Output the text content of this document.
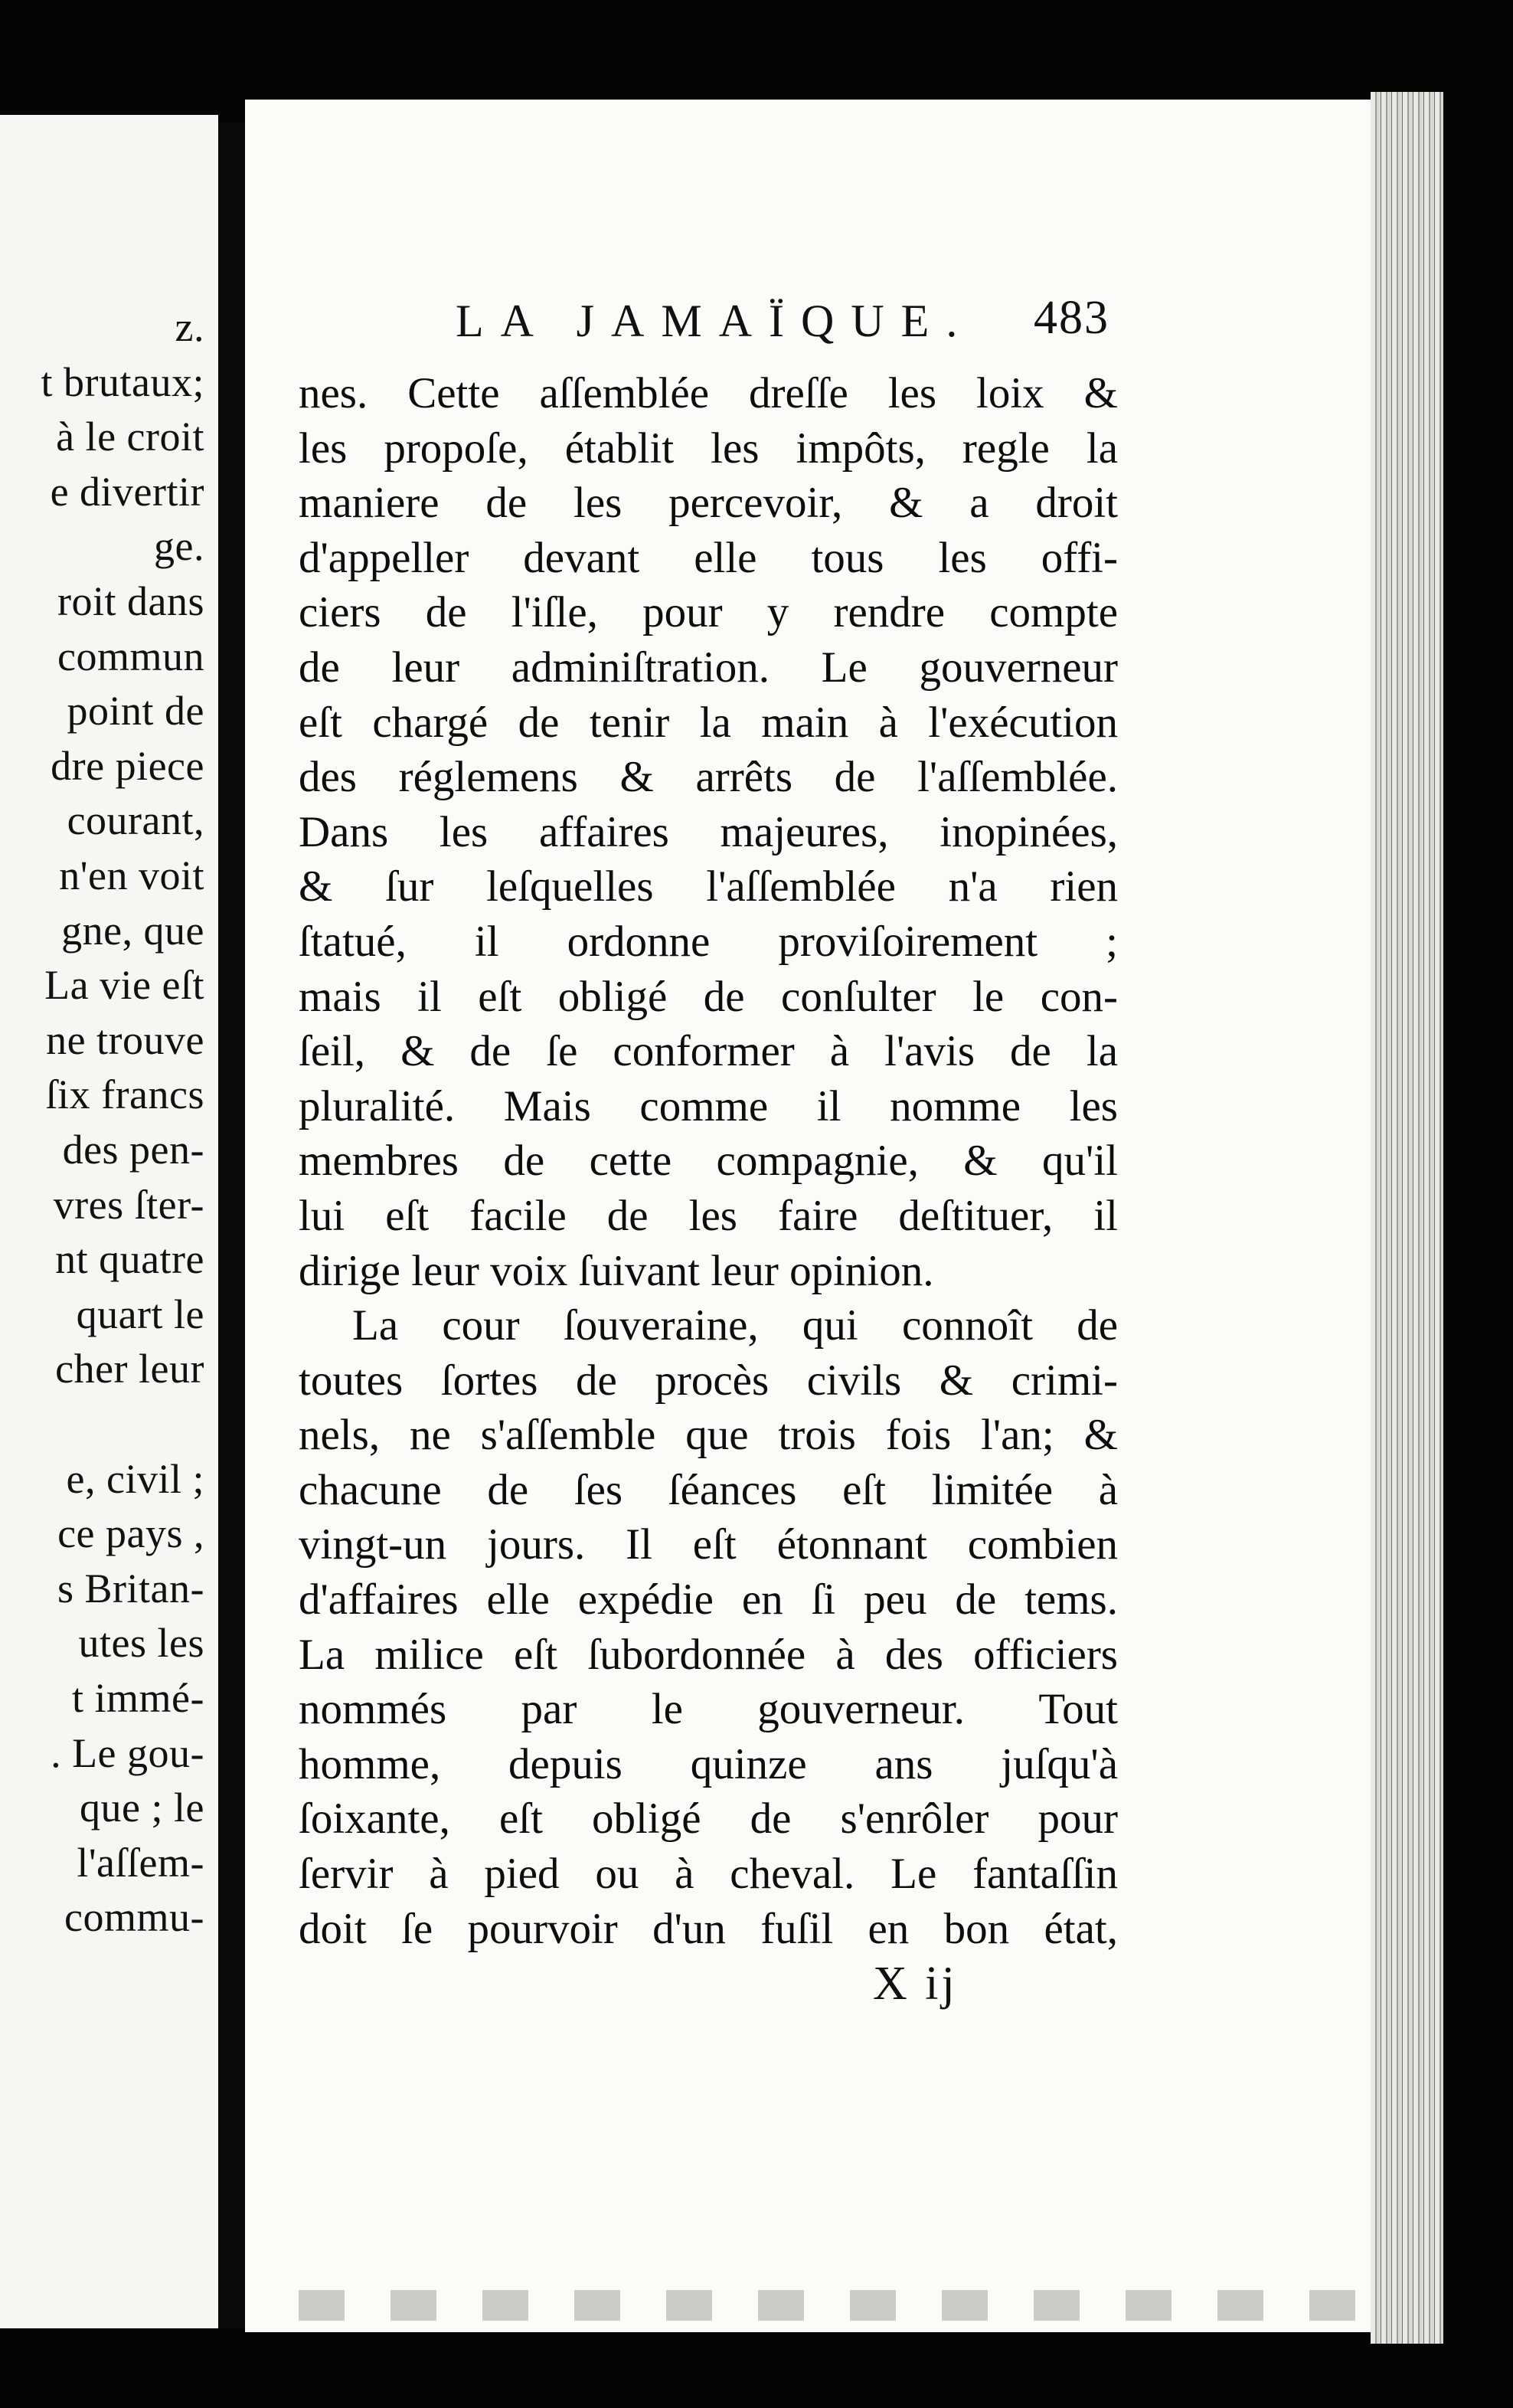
z.
t brutaux;
à le croit
e divertir
ge.
roit dans
commun
point de
dre piece
courant,
n'en voit
gne, que
La vie eſt
ne trouve
ſix francs
des pen-
vres ſter-
nt quatre
quart le
cher leur
e, civil ;
ce pays ,
s Britan-
utes les
t immé-
. Le gou-
que ; le
l'aſſem-
commu-
LA JAMAÏQUE. 483
nes. Cette aſſemblée dreſſe les loix &
les propoſe, établit les impôts, regle la
maniere de les percevoir, & a droit
d'appeller devant elle tous les offi-
ciers de l'iſle, pour y rendre compte
de leur adminiſtration. Le gouverneur
eſt chargé de tenir la main à l'exécution
des réglemens & arrêts de l'aſſemblée.
Dans les affaires majeures, inopinées,
& ſur leſquelles l'aſſemblée n'a rien
ſtatué, il ordonne proviſoirement ;
mais il eſt obligé de conſulter le con-
ſeil, & de ſe conformer à l'avis de la
pluralité. Mais comme il nomme les
membres de cette compagnie, & qu'il
lui eſt facile de les faire deſtituer, il
dirige leur voix ſuivant leur opinion.
La cour ſouveraine, qui connoît de
toutes ſortes de procès civils & crimi-
nels, ne s'aſſemble que trois fois l'an; &
chacune de ſes ſéances eſt limitée à
vingt-un jours. Il eſt étonnant combien
d'affaires elle expédie en ſi peu de tems.
La milice eſt ſubordonnée à des officiers
nommés par le gouverneur. Tout
homme, depuis quinze ans juſqu'à
ſoixante, eſt obligé de s'enrôler pour
ſervir à pied ou à cheval. Le fantaſſin
doit ſe pourvoir d'un fuſil en bon état,
X ij
